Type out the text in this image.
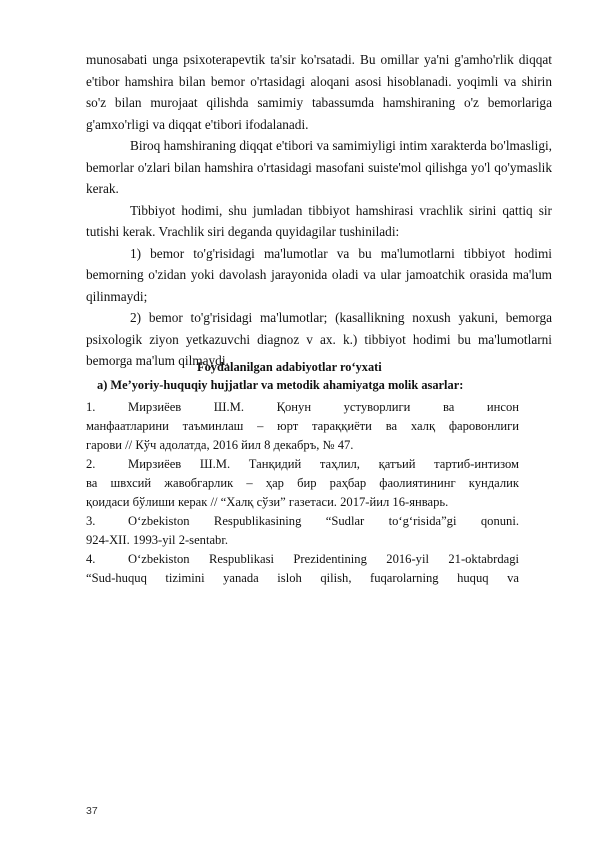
munosabati unga psixoterapevtik ta'sir ko'rsatadi. Bu omillar ya'ni g'amho'rlik diqqat e'tibor hamshira bilan bemor o'rtasidagi aloqani asosi hisoblanadi. yoqimli va shirin so'z bilan murojaat qilishda samimiy tabassumda hamshiraning o'z bemorlariga g'amxo'rligi va diqqat e'tibori ifodalanadi.

Biroq hamshiraning diqqat e'tibori va samimiyligi intim xarakterda bo'lmasligi, bemorlar o'zlari bilan hamshira o'rtasidagi masofani suiste'mol qilishga yo'l qo'ymaslik kerak.

Tibbiyot hodimi, shu jumladan tibbiyot hamshirasi vrachlik sirini qattiq sir tutishi kerak. Vrachlik siri deganda quyidagilar tushiniladi:

1) bemor to'g'risidagi ma'lumotlar va bu ma'lumotlarni tibbiyot hodimi bemorning o'zidan yoki davolash jarayonida oladi va ular jamoatchik orasida ma'lum qilinmaydi;

2) bemor to'g'risidagi ma'lumotlar; (kasallikning noxush yakuni, bemorga psixologik ziyon yetkazuvchi diagnoz v ax. k.) tibbiyot hodimi bu ma'lumotlarni bemorga ma'lum qilmaydi.

Foydalanilgan adabiyotlar ro‘yxati
a) Me’yoriy-huquqiy hujjatlar va metodik ahamiyatga molik asarlar:
1.	Мирзиёев Ш.М. Қонун устуворлиги ва инсон
манфаатларини таъминлаш – юрт тараққиёти ва халқ фаровонлиги
гарови // Кўч адолатда, 2016 йил 8 декабръ, № 47.
2.	Мирзиёев Ш.М. Танқидий таҳлил, қатъий тартиб-интизом
ва швхсий жавобгарлик – ҳар бир раҳбар фаолиятининг кундалик
қоидаси бўлиши керак // “Халқ сўзи” газетаси. 2017-йил 16-январь.
3.	O‘zbekiston Respublikasining “Sudlar to‘g‘risida”gi qonuni.
924-XII. 1993-yil 2-sentabr.
4.	O‘zbekiston Respublikasi Prezidentining 2016-yil 21-oktabrdagi
“Sud-huquq tizimini yanada isloh qilish, fuqarolarning huquq va
37
